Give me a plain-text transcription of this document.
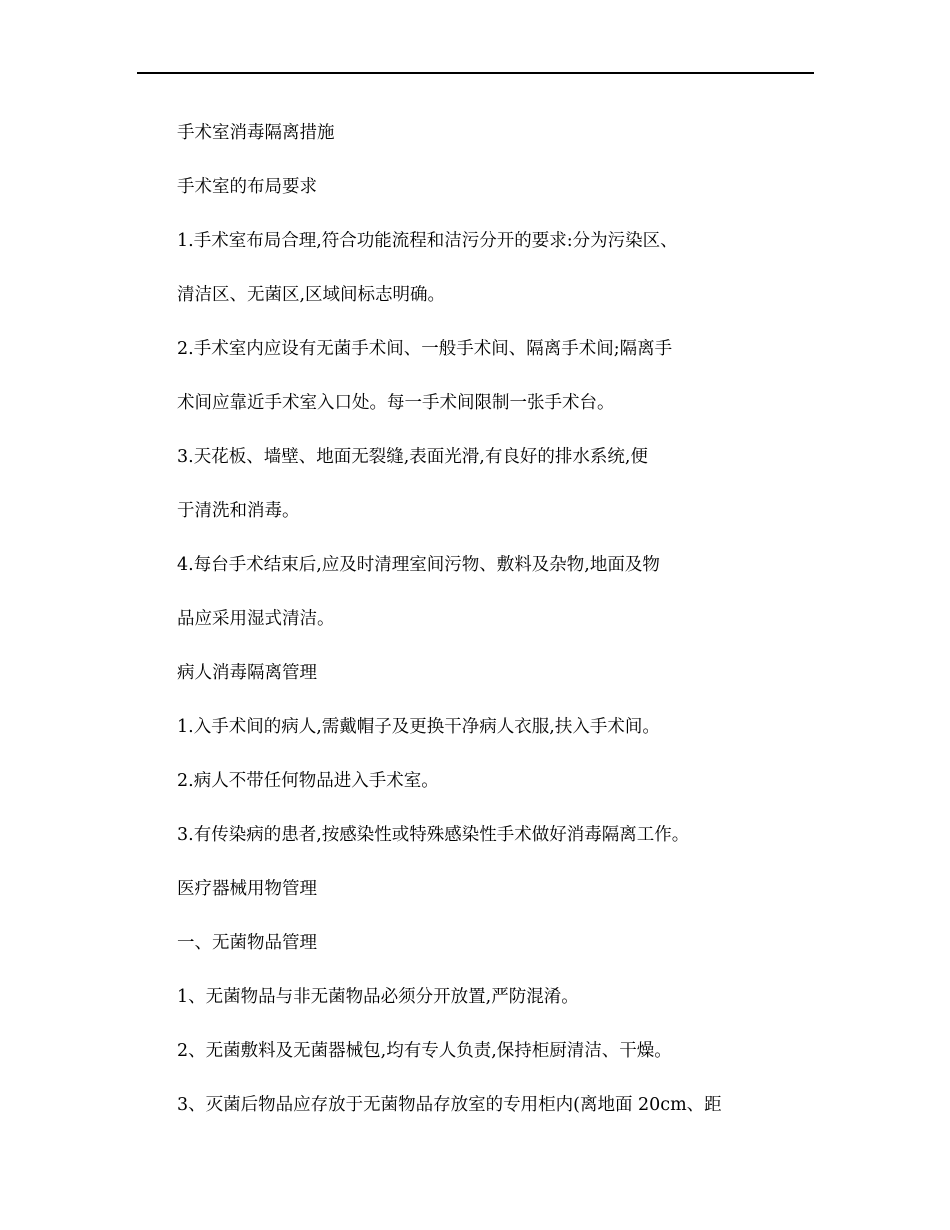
手术室消毒隔离措施

手术室的布局要求

1.手术室布局合理,符合功能流程和洁污分开的要求:分为污染区、

清洁区、无菌区,区域间标志明确。

2.手术室内应设有无菌手术间、一般手术间、隔离手术间;隔离手

术间应靠近手术室入口处。每一手术间限制一张手术台。

3.天花板、墙壁、地面无裂缝,表面光滑,有良好的排水系统,便

于清洗和消毒。

4.每台手术结束后,应及时清理室间污物、敷料及杂物,地面及物

品应采用湿式清洁。

病人消毒隔离管理

1.入手术间的病人,需戴帽子及更换干净病人衣服,扶入手术间。

2.病人不带任何物品进入手术室。

3.有传染病的患者,按感染性或特殊感染性手术做好消毒隔离工作。

医疗器械用物管理

一、无菌物品管理

1、无菌物品与非无菌物品必须分开放置,严防混淆。

2、无菌敷料及无菌器械包,均有专人负责,保持柜厨清洁、干燥。

3、灭菌后物品应存放于无菌物品存放室的专用柜内(离地面 20cm、距
